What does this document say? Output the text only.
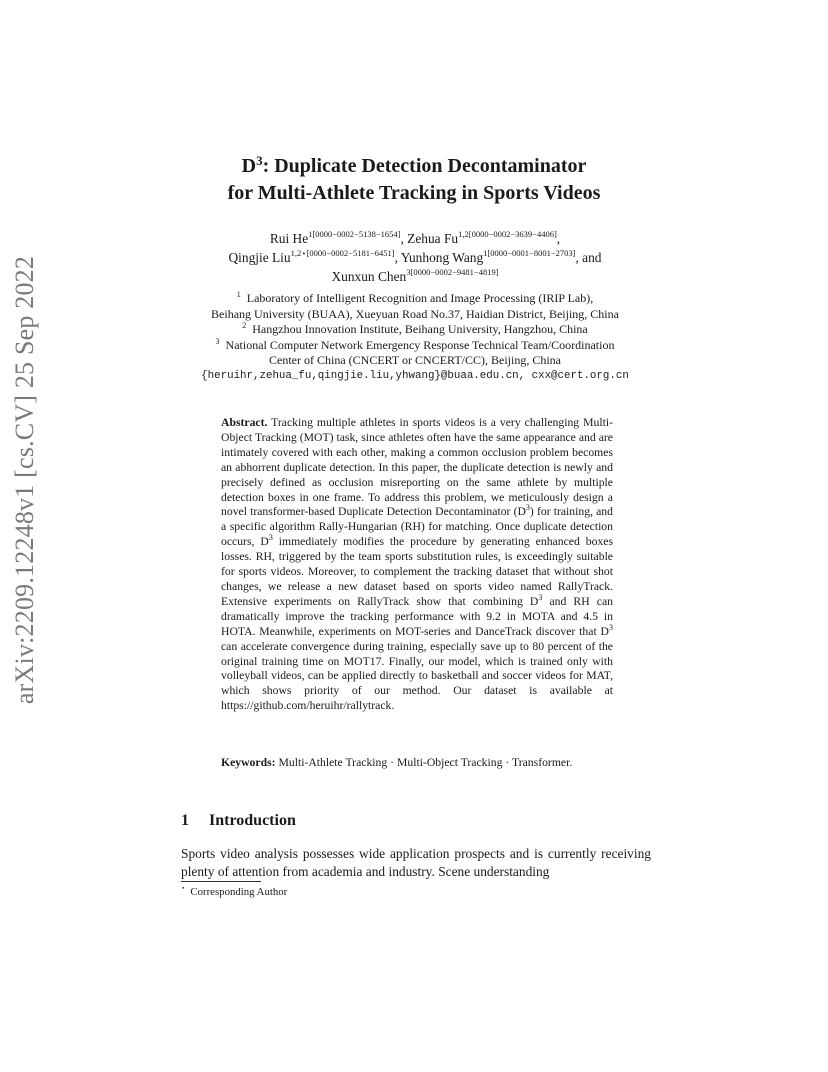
arXiv:2209.12248v1 [cs.CV] 25 Sep 2022
$D^3$: Duplicate Detection Decontaminator
for Multi-Athlete Tracking in Sports Videos
Rui $He^{1[0000-0002-5138-1654]}$, Zehua $Fu^{1,2[0000-0002-3639-4406]}$,
Qingjie Liu$^{1,2⋆[0000-0002-5181-6451]}$, Yunhong Wang$^{1[0000-0001-8001-2703]}$, and
Xunxun Chen$^{3[0000-0002-9481-4819]}$
$^1$ Laboratory of Intelligent Recognition and Image Processing (IRIP Lab),
Beihang University (BUAA), Xueyuan Road No.37, Haidian District, Beijing, China
$^2$ Hangzhou Innovation Institute, Beihang University, Hangzhou, China
$^3$ National Computer Network Emergency Response Technical Team/Coordination
Center of China (CNCERT or CNCERT/CC), Beijing, China
{heruihr,zehua_fu,qingjie.liu,yhwang}@buaa.edu.cn, cxx@cert.org.cn
Abstract. Tracking multiple athletes in sports videos is a very challenging Multi-Object Tracking (MOT) task, since athletes often have the same appearance and are intimately covered with each other, making a common occlusion problem becomes an abhorrent duplicate detection. In this paper, the duplicate detection is newly and precisely defined as occlusion misreporting on the same athlete by multiple detection boxes in one frame. To address this problem, we meticulously design a novel transformer-based Duplicate Detection Decontaminator $(D^3)$ for training, and a specific algorithm Rally-Hungarian (RH) for matching. Once duplicate detection occurs, $D^3$ immediately modifies the procedure by generating enhanced boxes losses. RH, triggered by the team sports substitution rules, is exceedingly suitable for sports videos. Moreover, to complement the tracking dataset that without shot changes, we release a new dataset based on sports video named RallyTrack. Extensive experiments on RallyTrack show that combining $D^3$ and RH can dramatically improve the tracking performance with 9.2 in MOTA and 4.5 in HOTA. Meanwhile, experiments on MOT-series and DanceTrack discover that $D^3$ can accelerate convergence during training, especially save up to 80 percent of the original training time on MOT17. Finally, our model, which is trained only with volleyball videos, can be applied directly to basketball and soccer videos for MAT, which shows priority of our method. Our dataset is available at https://github.com/heruihr/rallytrack.
Keywords: Multi-Athlete Tracking · Multi-Object Tracking · Transformer.
1 Introduction
Sports video analysis possesses wide application prospects and is currently receiving plenty of attention from academia and industry. Scene understanding
⋆ Corresponding Author
